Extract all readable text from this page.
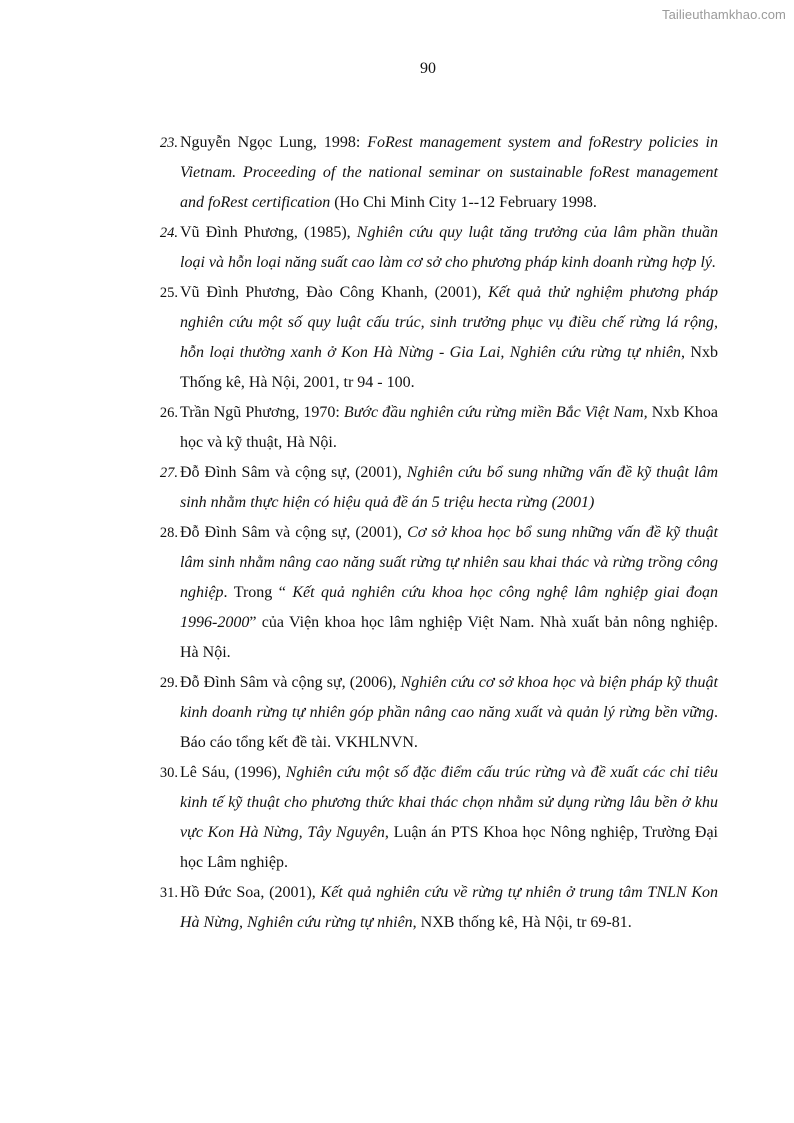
Tailieuthamkhao.com
90
23. Nguyễn Ngọc Lung, 1998: FoRest management system and foRestry policies in Vietnam. Proceeding of the national seminar on sustainable foRest management and foRest certification (Ho Chi Minh City 1--12 February 1998.
24. Vũ Đình Phương, (1985), Nghiên cứu quy luật tăng trưởng của lâm phần thuần loại và hỗn loại năng suất cao làm cơ sở cho phương pháp kinh doanh rừng hợp lý.
25. Vũ Đình Phương, Đào Công Khanh, (2001), Kết quả thử nghiệm phương pháp nghiên cứu một số quy luật cấu trúc, sinh trưởng phục vụ điều chế rừng lá rộng, hỗn loại thường xanh ở Kon Hà Nừng - Gia Lai, Nghiên cứu rừng tự nhiên, Nxb Thống kê, Hà Nội, 2001, tr 94 - 100.
26. Trần Ngũ Phương, 1970: Bước đầu nghiên cứu rừng miền Bắc Việt Nam, Nxb Khoa học và kỹ thuật, Hà Nội.
27. Đỗ Đình Sâm và cộng sự, (2001), Nghiên cứu bổ sung những vấn đề kỹ thuật lâm sinh nhằm thực hiện có hiệu quả đề án 5 triệu hecta rừng (2001)
28. Đỗ Đình Sâm và cộng sự, (2001), Cơ sở khoa học bổ sung những vấn đề kỹ thuật lâm sinh nhằm nâng cao năng suất rừng tự nhiên sau khai thác và rừng trồng công nghiệp. Trong “ Kết quả nghiên cứu khoa học công nghệ lâm nghiệp giai đoạn 1996-2000” của Viện khoa học lâm nghiệp Việt Nam. Nhà xuất bản nông nghiệp. Hà Nội.
29. Đỗ Đình Sâm và cộng sự, (2006), Nghiên cứu cơ sở khoa học và biện pháp kỹ thuật kinh doanh rừng tự nhiên góp phần nâng cao năng xuất và quản lý rừng bền vững. Báo cáo tổng kết đề tài. VKHLNVN.
30. Lê Sáu, (1996), Nghiên cứu một số đặc điểm cấu trúc rừng và đề xuất các chỉ tiêu kinh tế kỹ thuật cho phương thức khai thác chọn nhằm sử dụng rừng lâu bền ở khu vực Kon Hà Nừng, Tây Nguyên, Luận án PTS Khoa học Nông nghiệp, Trường Đại học Lâm nghiệp.
31. Hồ Đức Soa, (2001), Kết quả nghiên cứu về rừng tự nhiên ở trung tâm TNLN Kon Hà Nừng, Nghiên cứu rừng tự nhiên, NXB thống kê, Hà Nội, tr 69-81.
